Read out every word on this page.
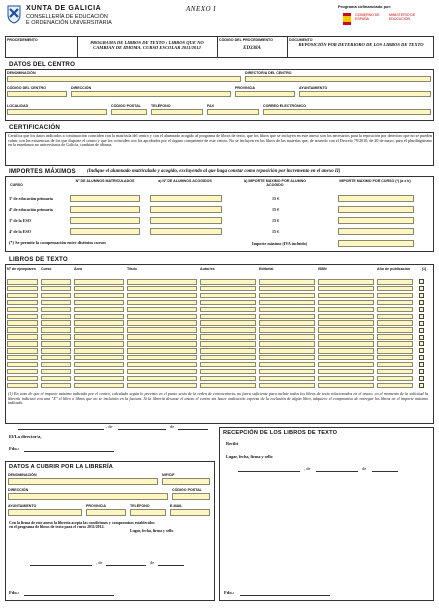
XUNTA DE GALICIA
CONSELLERÍA DE EDUCACIÓN
E ORDENACIÓN UNIVERSITARIA
ANEXO I	Programa cofinanciado por:
GOBIERNO DE ESPAÑA
MINISTERIO DE EDUCACIÓN
PROCEDEMENTO	PROGRAMA DE LIBROS DE TEXTO : LIBROS QUE NO CAMBIAN DE IDIOMA. CURSO ESCOLAR 2011/2012
CÓDIGO DEL PROCEDIMIENTO
ED338A
DOCUMENTO
REPOSICIÓN POR DETERIORO DE LOS LIBROS DE TEXTO
DATOS DEL CENTRO
DENOMINACIÓN	DIRECTOR/A DEL CENTRO
CÓDIGO DEL CENTRO	DIRECCIÓN	PROVINCIA	AYUNTAMIENTO
LOCALIDAD	CÓDIGO POSTAL	TELÉFONO	FAX	CORREO ELECTRÓNICO
CERTIFICACIÓN
Certifica que los datos indicados a continuación coinciden con la matrícula del centro y con el alumnado acogido al programa de libros de texto, que los libros que se incluyen en este anexo son los necesarios para la reposición por deterioro que no se pueden cubrir con las existencias de los que dispone el centro y que los coinciden con los aprobados por el órgano competente de este centro. No se incluyen en los libros de las materias que, de acuerdo con el Decreto 79/2010, de 20 de mayo, para el plurilingüismo en la enseñanza no universitaria de Galicia, cambian de idioma.
IMPORTES MÁXIMOS (Indique el alumnado matriculado y acogido, excluyendo al que haga constar como reposición por incremento en el anexo II)
CURSO
Nº DE ALUMNOS MATRICULADOS	a) Nº DE ALUMNOS ACOGIDOS	b) IMPORTE MÁXIMO POR ALUMNO ACOGIDO
IMPORTE MÁXIMO POR CURSO (*) (a x b)
3º de educación primaria	15 €
4º de educación primaria	15 €
3º de la ESO	15 €
4º de la ESO	15 €
(*) Se permite la compensación entre distintos cursos	Importe máximo (IVA incluido)
LIBROS DE TEXTO
Nº de ejemplares	Curso	Área	Título	Autor/es	Editorial	ISBN	Año de publicación	(1)
(1) En caso de que el importe máximo indicado por el centro, calculado según lo previsto en el punto sexto de la orden de convocatoria, no fuera suficiente para incluir todos los libros de texto relacionados en el anexo, en el momento de la solicitud la librería indicará con una "X" el libro o libros que no se incluirán en la factura. Si la librería desease el anexo el centro sin hacer indicación expresa de la exclusión de algún libro, adquiere el compromiso de entregar los libros en el importe máximo indicado.
, de	de
El/La director/a,
Fdo.:
DATOS A CUBRIR POR LA LIBRERÍA
DENOMINACIÓN	NIF/CIF
DIRECCIÓN	CÓDIGO POSTAL
AYUNTAMIENTO	PROVINCIA	TELÉFONO	E-MAIL
Con la firma de este anexo la librería acepta las condiciones y compromisos establecidos en el programa de libros de texto para el curso 2011/2012.
Lugar, fecha, firma y sello
, de	de
Fdo.:
RECEPCIÓN DE LOS LIBROS DE TEXTO
Recibí
Lugar, fecha, firma y sello
, de	de
Fdo.:
